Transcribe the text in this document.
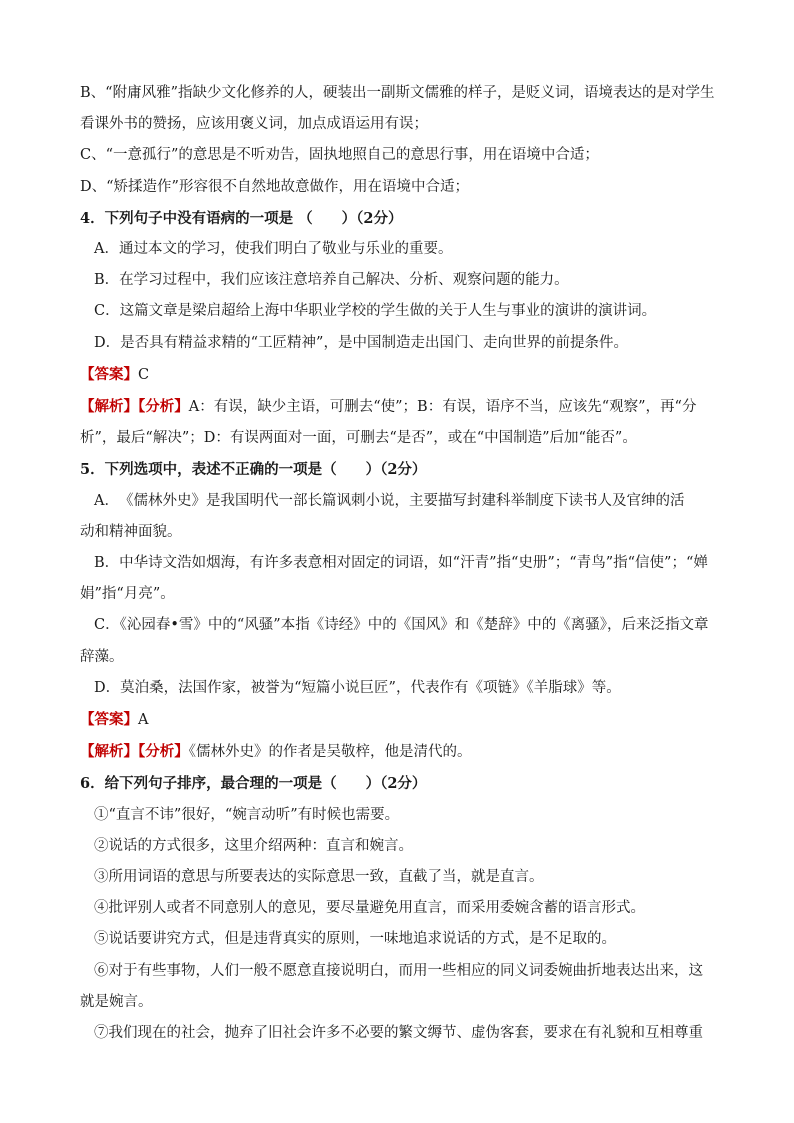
B、“附庸风雅”指缺少文化修养的人，硬装出一副斯文儒雅的样子，是贬义词，语境表达的是对学生
看课外书的赞扬，应该用褒义词，加点成语运用有误；
C、“一意孤行”的意思是不听劝告，固执地照自己的意思行事，用在语境中合适；
D、“矫揉造作”形容很不自然地故意做作，用在语境中合适；
4．下列句子中没有语病的一项是 （　　）（2分）
A．通过本文的学习，使我们明白了敬业与乐业的重要。
B．在学习过程中，我们应该注意培养自己解决、分析、观察问题的能力。
C．这篇文章是梁启超给上海中华职业学校的学生做的关于人生与事业的演讲的演讲词。
D．是否具有精益求精的“工匠精神”，是中国制造走出国门、走向世界的前提条件。
【答案】C
【解析】【分析】A：有误，缺少主语，可删去“使”；B：有误，语序不当，应该先“观察”，再“分
析”，最后“解决”；D：有误两面对一面，可删去“是否”，或在“中国制造”后加“能否”。
5．下列选项中，表述不正确的一项是（　　）（2分）
A．　《儒林外史》是我国明代一部长篇讽刺小说，主要描写封建科举制度下读书人及官绅的活
动和精神面貌。
B．中华诗文浩如烟海，有许多表意相对固定的词语，如“汗青”指“史册”；“青鸟”指“信使”；“婵
娟”指“月亮”。
C．《沁园春•雪》中的“风骚”本指《诗经》中的《国风》和《楚辞》中的《离骚》，后来泛指文章
辞藻。
D．莫泊桑，法国作家，被誉为“短篇小说巨匠”，代表作有《项链》《羊脂球》等。
【答案】A
【解析】【分析】《儒林外史》的作者是吴敬梓，他是清代的。
6．给下列句子排序，最合理的一项是（　　）（2分）
①“直言不讳”很好，“婉言动听”有时候也需要。
②说话的方式很多，这里介绍两种：直言和婉言。
③所用词语的意思与所要表达的实际意思一致，直截了当，就是直言。
④批评别人或者不同意别人的意见，要尽量避免用直言，而采用委婉含蓄的语言形式。
⑤说话要讲究方式，但是违背真实的原则，一味地追求说话的方式，是不足取的。
⑥对于有些事物，人们一般不愿意直接说明白，而用一些相应的同义词委婉曲折地表达出来，这
就是婉言。
⑦我们现在的社会，抛弃了旧社会许多不必要的繁文缛节、虚伪客套，要求在有礼貌和互相尊重
